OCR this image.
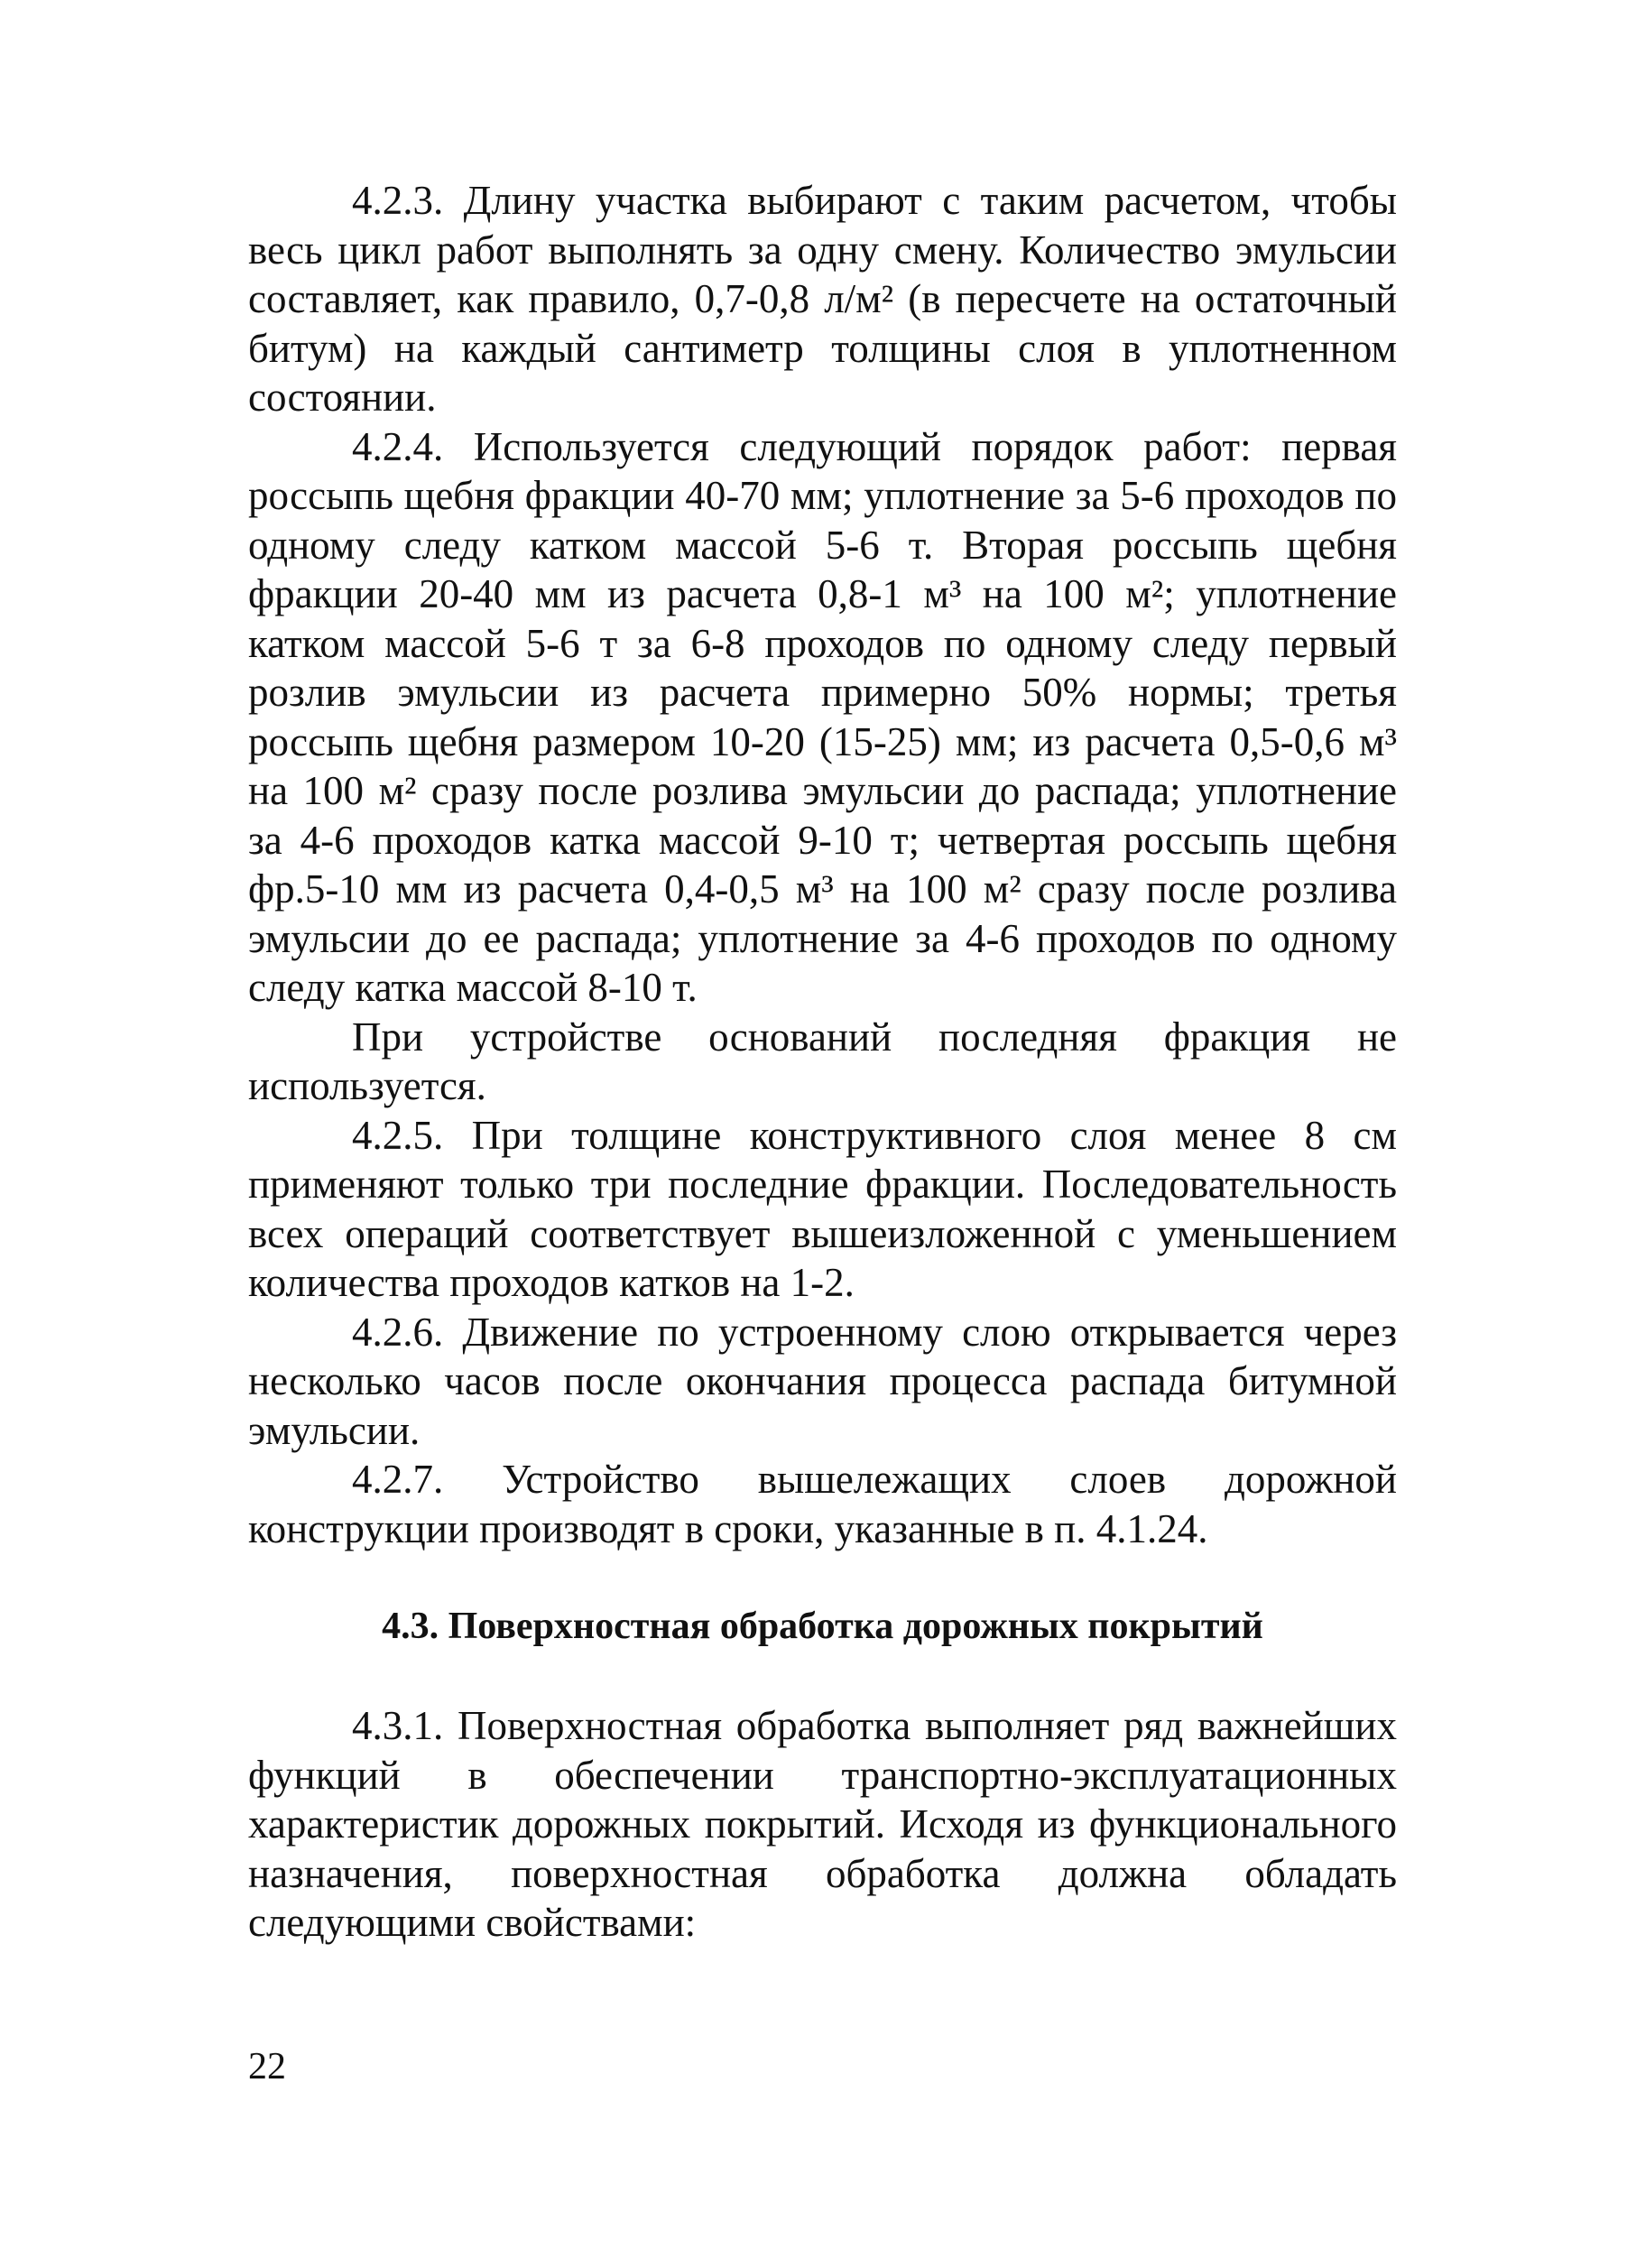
4.2.3. Длину участка выбирают с таким расчетом, чтобы весь цикл работ выполнять за одну смену. Количество эмульсии составляет, как правило, 0,7-0,8 л/м² (в пересчете на остаточный битум) на каждый сантиметр толщины слоя в уплотненном состоянии.

4.2.4. Используется следующий порядок работ: первая россыпь щебня фракции 40-70 мм; уплотнение за 5-6 проходов по одному следу катком массой 5-6 т. Вторая россыпь щебня фракции 20-40 мм из расчета 0,8-1 м³ на 100 м²; уплотнение катком массой 5-6 т за 6-8 проходов по одному следу первый розлив эмульсии из расчета примерно 50% нормы; третья россыпь щебня размером 10-20 (15-25) мм; из расчета 0,5-0,6 м³ на 100 м² сразу после розлива эмульсии до распада; уплотнение за 4-6 проходов катка массой 9-10 т; четвертая россыпь щебня фр.5-10 мм из расчета 0,4-0,5 м³ на 100 м² сразу после розлива эмульсии до ее распада; уплотнение за 4-6 проходов по одному следу катка массой 8-10 т.

При устройстве оснований последняя фракция не используется.

4.2.5. При толщине конструктивного слоя менее 8 см применяют только три последние фракции. Последовательность всех операций соответствует вышеизложенной с уменьшением количества проходов катков на 1-2.

4.2.6. Движение по устроенному слою открывается через несколько часов после окончания процесса распада битумной эмульсии.

4.2.7. Устройство вышележащих слоев дорожной конструкции производят в сроки, указанные в п. 4.1.24.

4.3. Поверхностная обработка дорожных покрытий

4.3.1. Поверхностная обработка выполняет ряд важнейших функций в обеспечении транспортно-эксплуатационных характеристик дорожных покрытий. Исходя из функционального назначения, поверхностная обработка должна обладать следующими свойствами:

22
